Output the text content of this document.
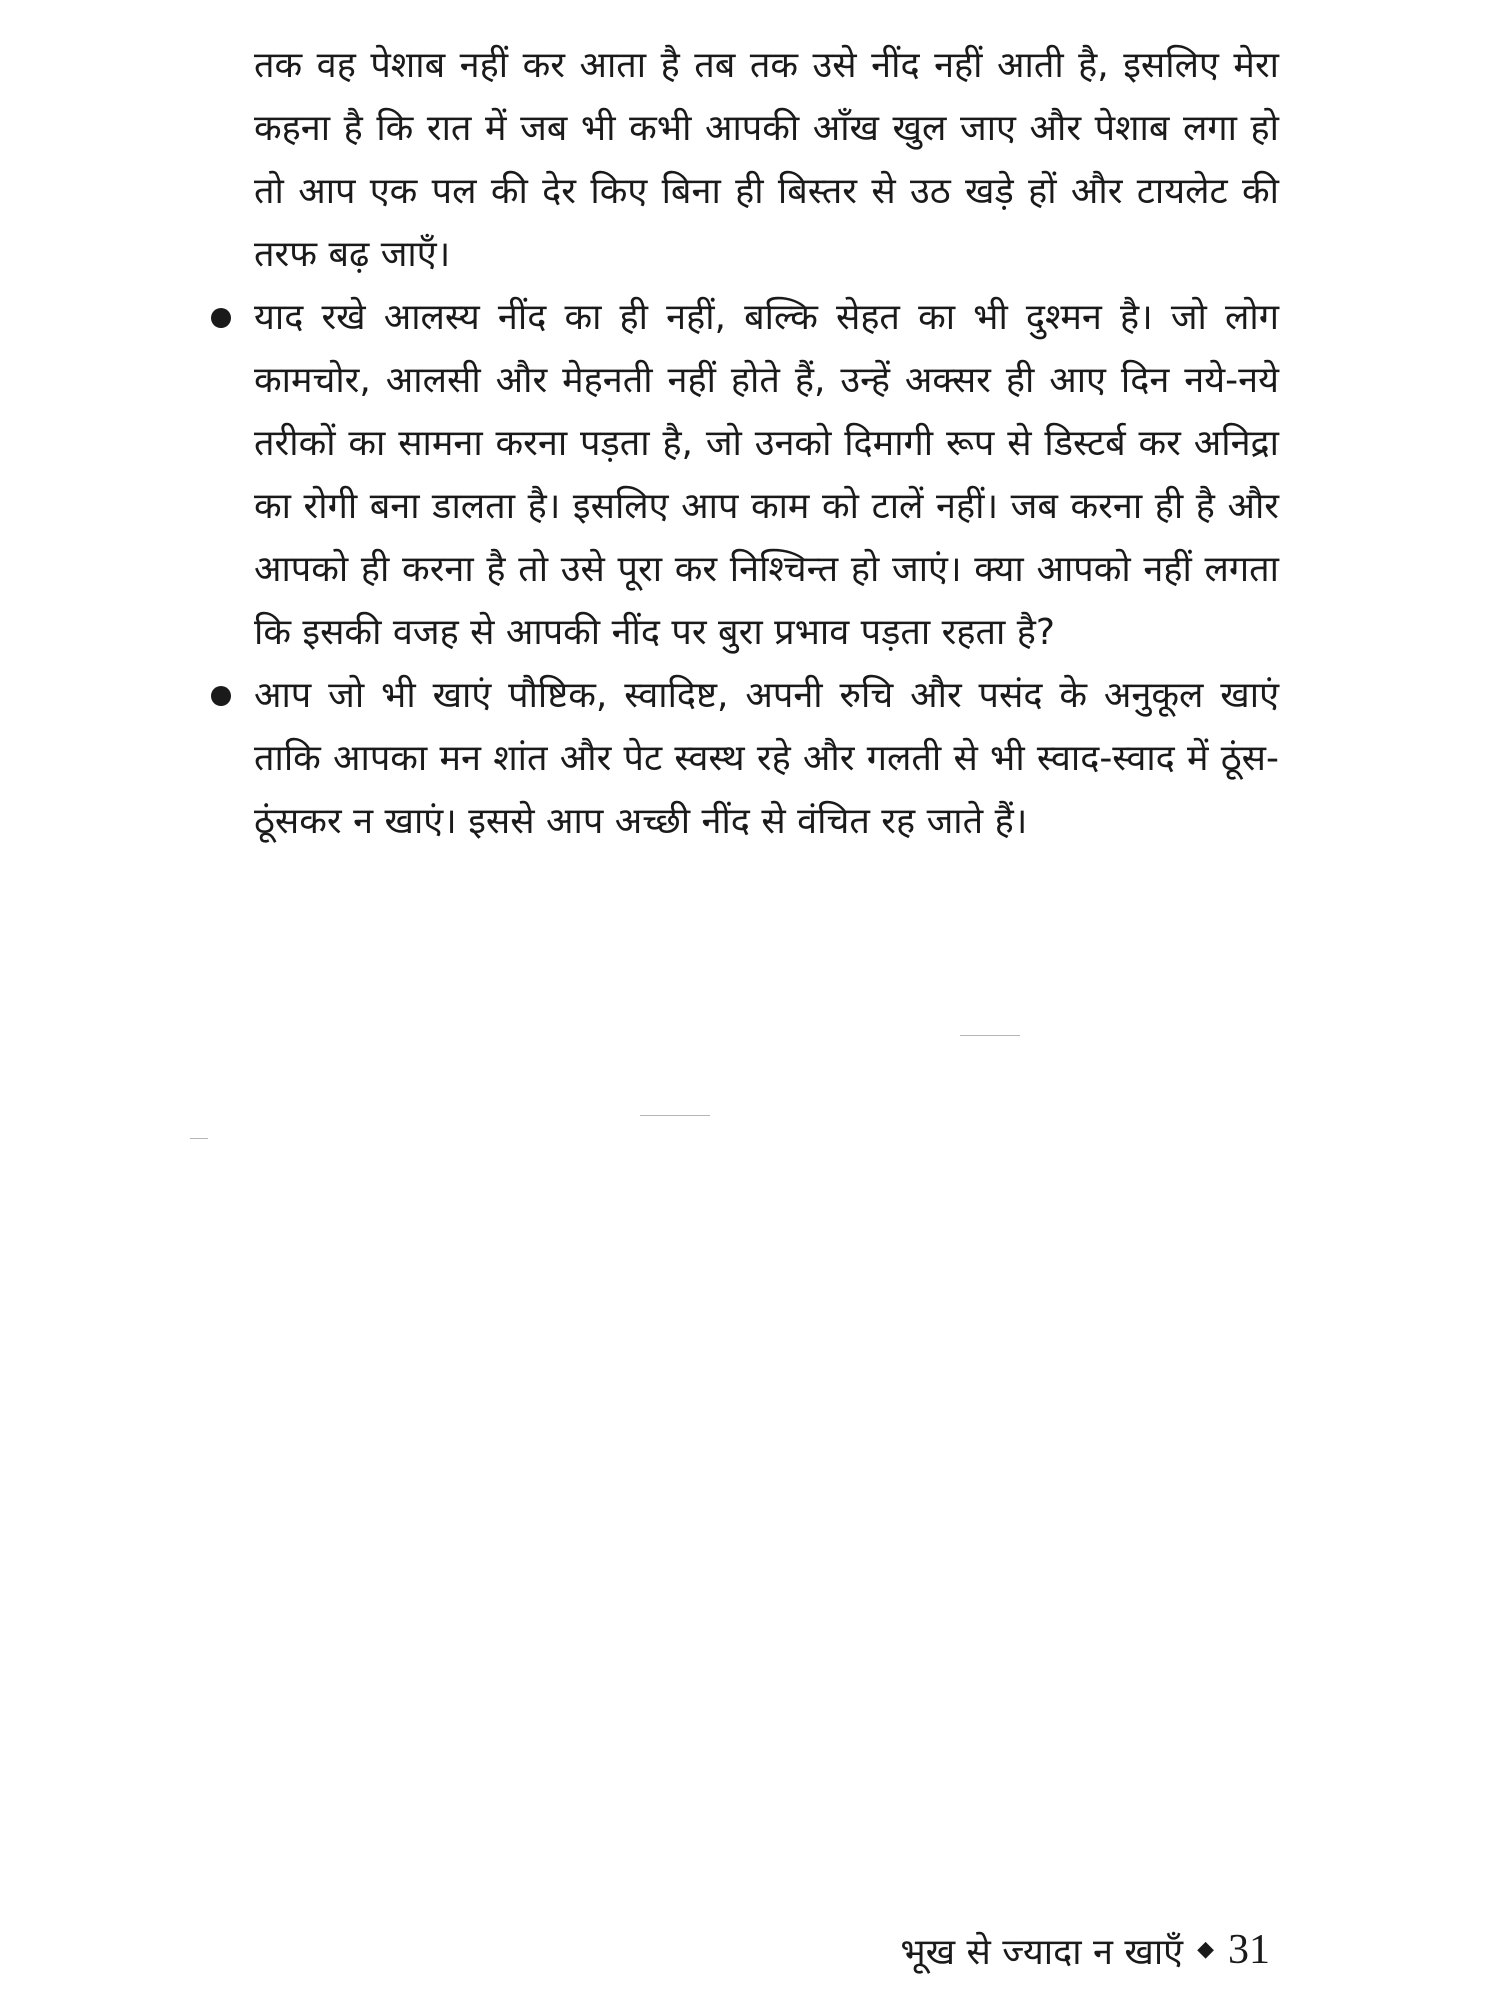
तक वह पेशाब नहीं कर आता है तब तक उसे नींद नहीं आती है, इसलिए मेरा कहना है कि रात में जब भी कभी आपकी आँख खुल जाए और पेशाब लगा हो तो आप एक पल की देर किए बिना ही बिस्तर से उठ खड़े हों और टायलेट की तरफ बढ़ जाएँ।

याद रखे आलस्य नींद का ही नहीं, बल्कि सेहत का भी दुश्मन है। जो लोग कामचोर, आलसी और मेहनती नहीं होते हैं, उन्हें अक्सर ही आए दिन नये-नये तरीकों का सामना करना पड़ता है, जो उनको दिमागी रूप से डिस्टर्ब कर अनिद्रा का रोगी बना डालता है। इसलिए आप काम को टालें नहीं। जब करना ही है और आपको ही करना है तो उसे पूरा कर निश्चिन्त हो जाएं। क्या आपको नहीं लगता कि इसकी वजह से आपकी नींद पर बुरा प्रभाव पड़ता रहता है?

आप जो भी खाएं पौष्टिक, स्वादिष्ट, अपनी रुचि और पसंद के अनुकूल खाएं ताकि आपका मन शांत और पेट स्वस्थ रहे और गलती से भी स्वाद-स्वाद में ठूंस-ठूंसकर न खाएं। इससे आप अच्छी नींद से वंचित रह जाते हैं।

भूख से ज्यादा न खाएँ ◆ 31
